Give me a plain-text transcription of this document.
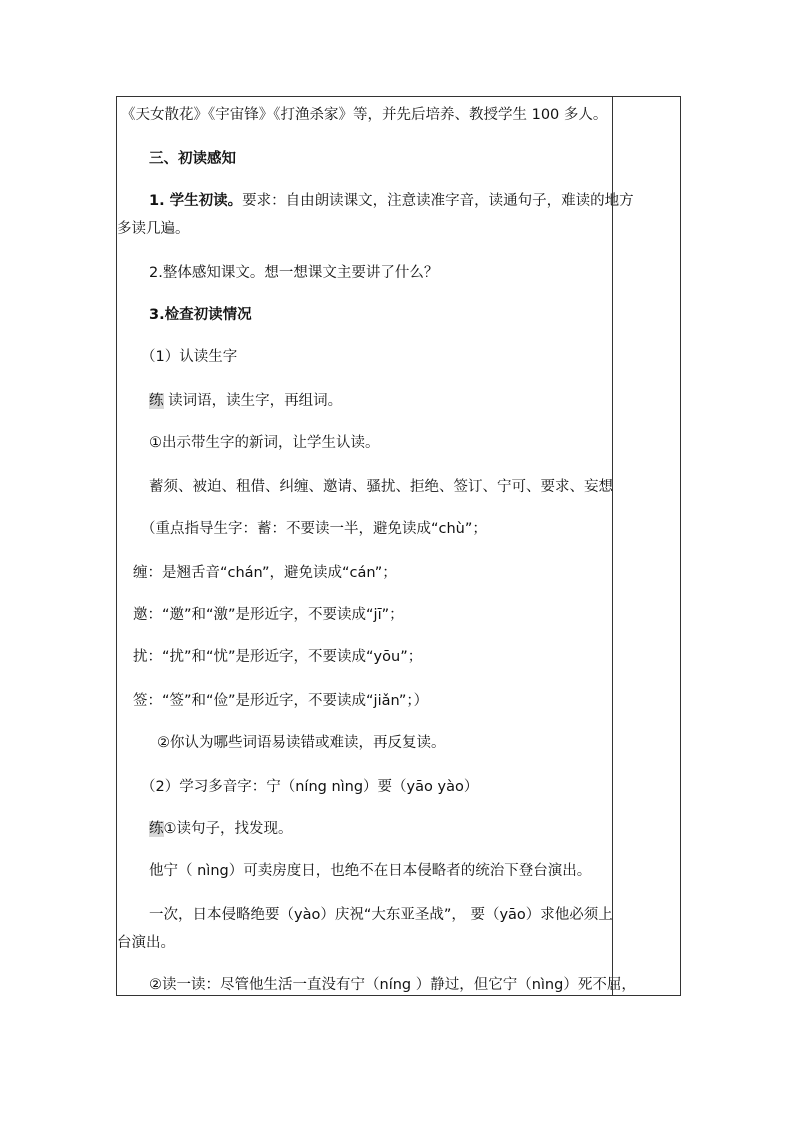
《天女散花》《宇宙锋》《打渔杀家》等，并先后培养、教授学生 100 多人。
三、初读感知
1. 学生初读。要求：自由朗读课文，注意读准字音，读通句子，难读的地方
多读几遍。
2.整体感知课文。想一想课文主要讲了什么？
3.检查初读情况
（1）认读生字
练 读词语，读生字，再组词。
①出示带生字的新词，让学生认读。
蓄须、被迫、租借、纠缠、邀请、骚扰、拒绝、签订、宁可、要求、妄想
（重点指导生字：蓄：不要读一半，避免读成“chù”；
缠：是翘舌音“chán”，避免读成“cán”；
邀：“邀”和“激”是形近字，不要读成“jī”；
扰：“扰”和“忧”是形近字，不要读成“yōu”；
签：“签”和“俭”是形近字，不要读成“jiǎn”；）
②你认为哪些词语易读错或难读，再反复读。
（2）学习多音字：宁（níng nìng）要（yāo yào）
练①读句子，找发现。
他宁（ nìng）可卖房度日，也绝不在日本侵略者的统治下登台演出。
一次，日本侵略绝要（yào）庆祝“大东亚圣战”， 要（yāo）求他必须上
台演出。
②读一读：尽管他生活一直没有宁（níng ）静过，但它宁（nìng）死不屈，
